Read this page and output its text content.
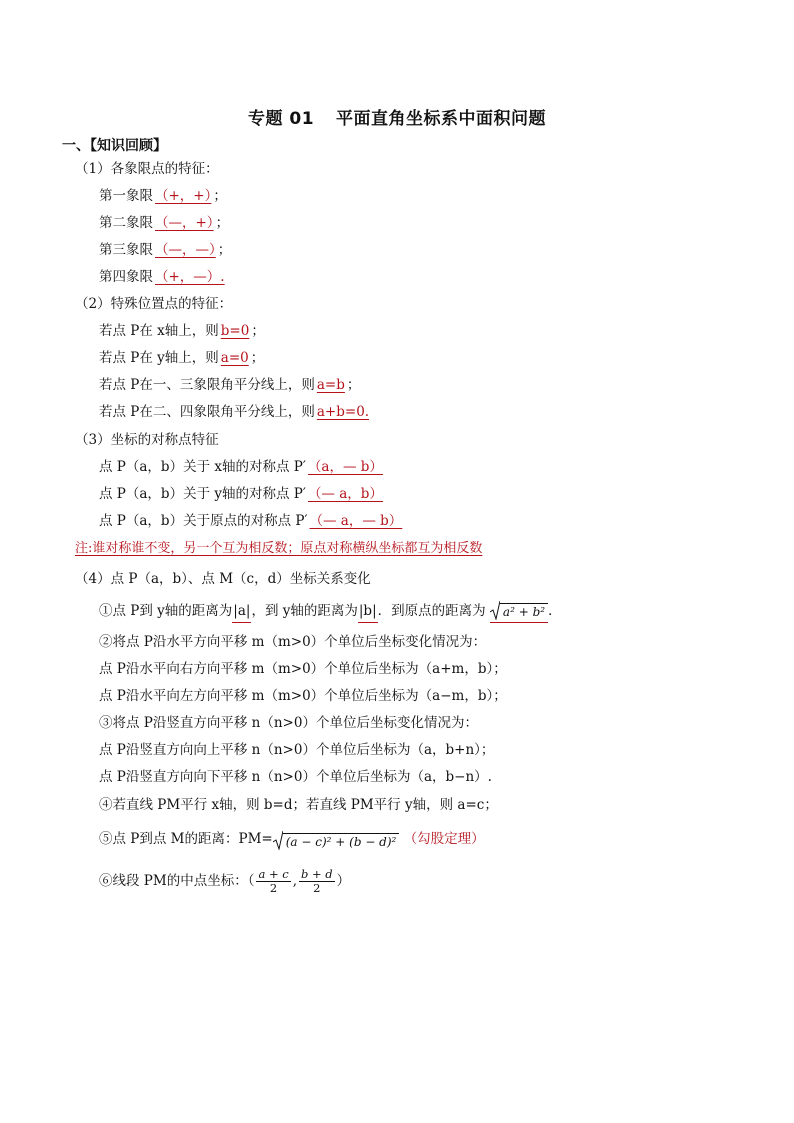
专题 01 平面直角坐标系中面积问题
一、【知识回顾】
（1）各象限点的特征：
第一象限 （+，+） ；
第二象限 （—，+） ；
第三象限 （—，—） ；
第四象限 （+，—）.
（2）特殊位置点的特征：
若点 P在 x轴上，则 b=0 ；
若点 P在 y轴上，则 a=0 ；
若点 P在一、三象限角平分线上，则 a=b ；
若点 P在二、四象限角平分线上，则 a+b=0.
（3）坐标的对称点特征
点 P（a，b）关于 x轴的对称点 P′ （a，— b）
点 P（a，b）关于 y轴的对称点 P′ （— a，b）
点 P（a，b）关于原点的对称点 P′ （— a，— b）
注:谁对称谁不变，另一个互为相反数；原点对称横纵坐标都互为相反数
（4）点 P（a，b）、点 M（c，d）坐标关系变化
①点 P到 y轴的距离为|a|，到 y轴的距离为|b|．到原点的距离为 a² + b² ．
②将点 P沿水平方向平移 m（m>0）个单位后坐标变化情况为：
点 P沿水平向右方向平移 m（m>0）个单位后坐标为（a+m，b）；
点 P沿水平向左方向平移 m（m>0）个单位后坐标为（a−m，b）；
③将点 P沿竖直方向平移 n（n>0）个单位后坐标变化情况为：
点 P沿竖直方向向上平移 n（n>0）个单位后坐标为（a，b+n）；
点 P沿竖直方向向下平移 n（n>0）个单位后坐标为（a，b−n）.
④若直线 PM平行 x轴，则 b=d；若直线 PM平行 y轴，则 a=c；
⑤点 P到点 M的距离：PM= (a − c)² + (b − d)² （勾股定理）
⑥线段 PM的中点坐标：（ $\frac{a + c}{2}$ , $\frac{b + d}{2}$ ）
